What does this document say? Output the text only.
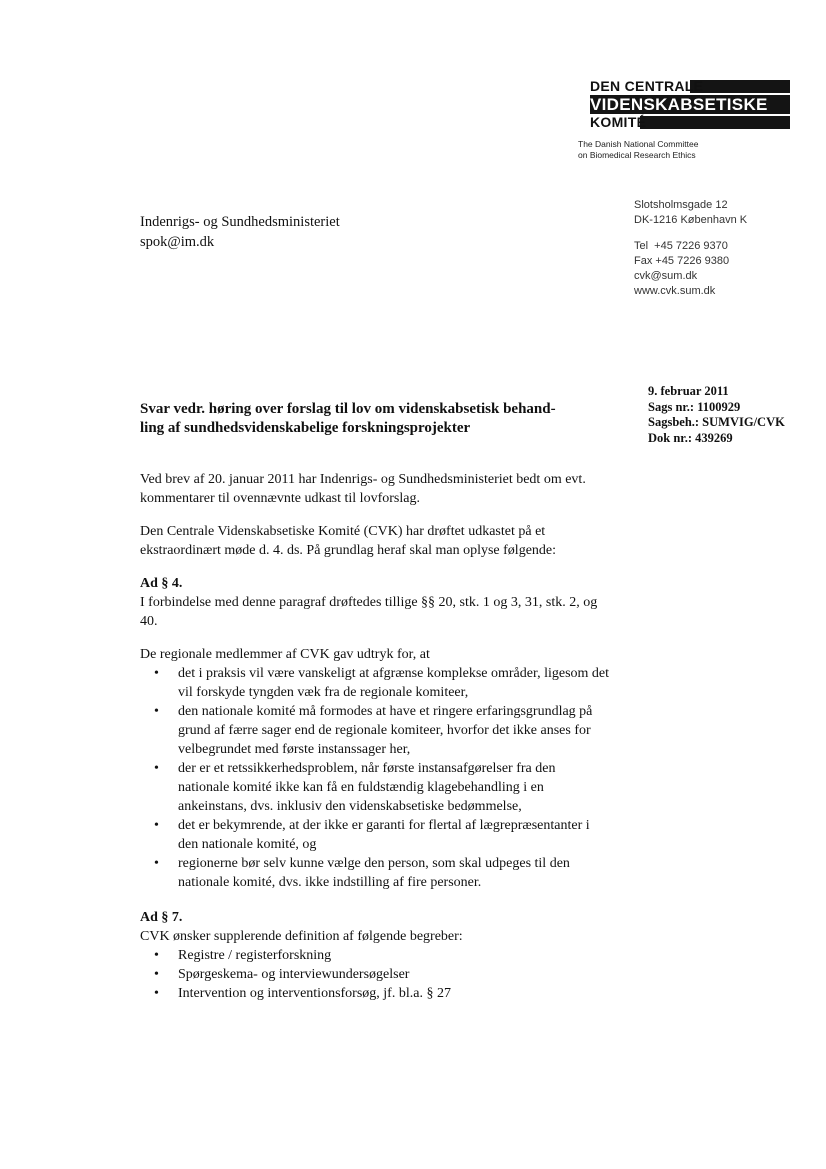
DEN CENTRALE
VIDENSKABSETISKE
KOMITÉ
The Danish National Committee
on Biomedical Research Ethics
Indenrigs- og Sundhedsministeriet
spok@im.dk
Slotsholmsgade 12
DK-1216 København K
Tel  +45 7226 9370
Fax +45 7226 9380
cvk@sum.dk
www.cvk.sum.dk
9. februar 2011
Sags nr.: 1100929
Sagsbeh.: SUMVIG/CVK
Dok nr.: 439269
Svar vedr. høring over forslag til lov om videnskabsetisk behand-
ling af sundhedsvidenskabelige forskningsprojekter

Ved brev af 20. januar 2011 har Indenrigs- og Sundhedsministeriet bedt om evt. kommentarer til ovennævnte udkast til lovforslag.

Den Centrale Videnskabsetiske Komité (CVK) har drøftet udkastet på et ekstraordinært møde d. 4. ds. På grundlag heraf skal man oplyse følgende:

Ad § 4.

I forbindelse med denne paragraf drøftedes tillige §§ 20, stk. 1 og 3, 31, stk. 2, og 40.

De regionale medlemmer af CVK gav udtryk for, at
• det i praksis vil være vanskeligt at afgrænse komplekse områder, ligesom det vil forskyde tyngden væk fra de regionale komiteer,
• den nationale komité må formodes at have et ringere erfaringsgrundlag på grund af færre sager end de regionale komiteer, hvorfor det ikke anses for velbegrundet med første instanssager her,
• der er et retssikkerhedsproblem, når første instansafgørelser fra den nationale komité ikke kan få en fuldstændig klagebehandling i en ankeinstans, dvs. inklusiv den videnskabsetiske bedømmelse,
• det er bekymrende, at der ikke er garanti for flertal af lægrepræsentanter i den nationale komité, og
• regionerne bør selv kunne vælge den person, som skal udpeges til den nationale komité, dvs. ikke indstilling af fire personer.
Ad § 7.
CVK ønsker supplerende definition af følgende begreber:
• Registre / registerforskning
• Spørgeskema- og interviewundersøgelser
• Intervention og interventionsforsøg, jf. bl.a. § 27
